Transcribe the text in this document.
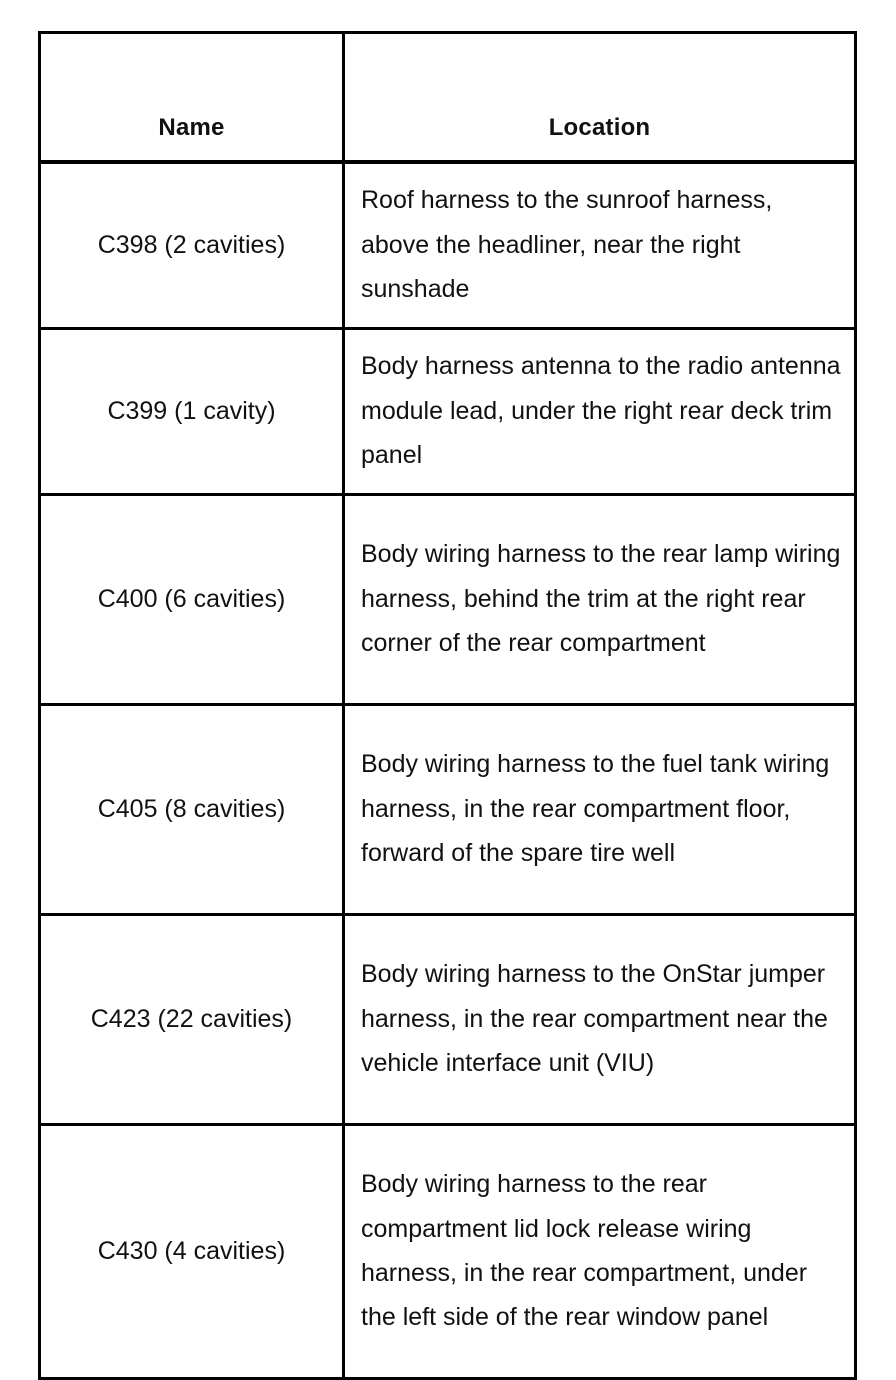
Name	Location
C398 (2 cavities)	Roof harness to the sunroof harness, above the headliner, near the right sunshade
C399 (1 cavity)	Body harness antenna to the radio antenna module lead, under the right rear deck trim panel
C400 (6 cavities)	Body wiring harness to the rear lamp wiring harness, behind the trim at the right rear corner of the rear compartment
C405 (8 cavities)	Body wiring harness to the fuel tank wiring harness, in the rear compartment floor, forward of the spare tire well
C423 (22 cavities)	Body wiring harness to the OnStar jumper harness, in the rear compartment near the vehicle interface unit (VIU)
C430 (4 cavities)	Body wiring harness to the rear compartment lid lock release wiring harness, in the rear compartment, under the left side of the rear window panel
